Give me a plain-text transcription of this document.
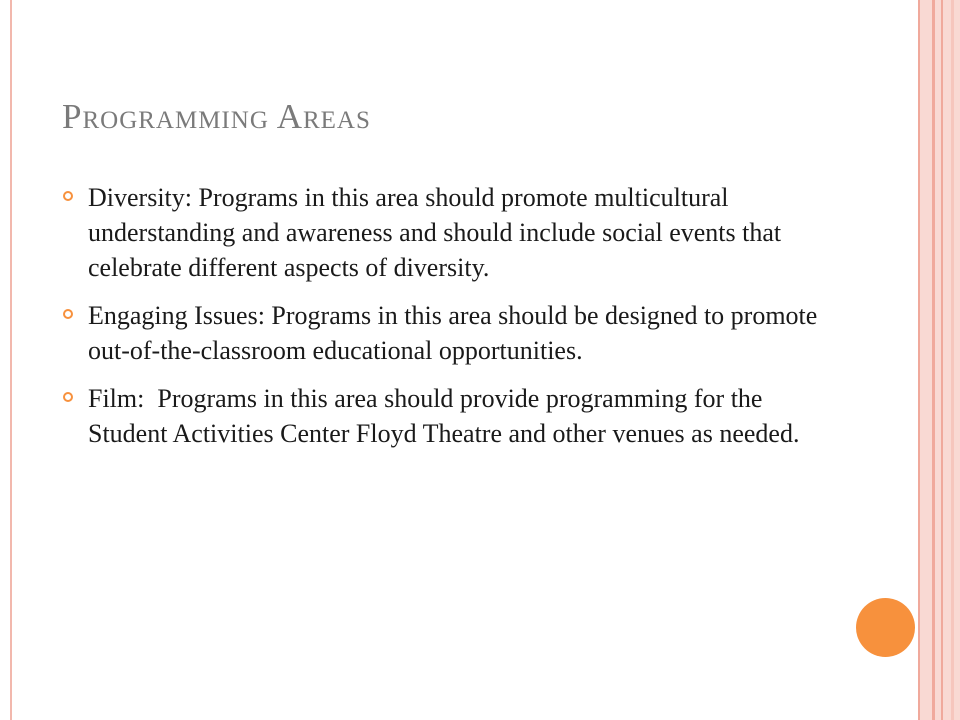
Programming Areas
Diversity: Programs in this area should promote multicultural understanding and awareness and should include social events that celebrate different aspects of diversity.
Engaging Issues: Programs in this area should be designed to promote out-of-the-classroom educational opportunities.
Film:  Programs in this area should provide programming for the Student Activities Center Floyd Theatre and other venues as needed.
